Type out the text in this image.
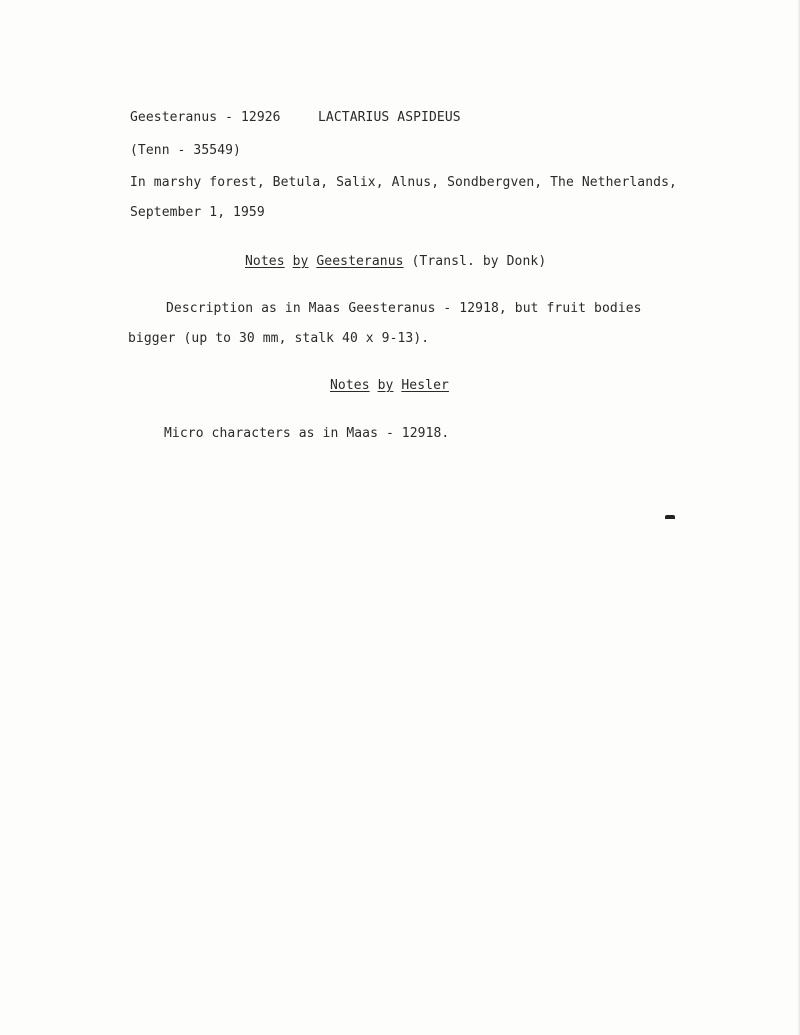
Geesteranus - 12926	LACTARIUS ASPIDEUS
(Tenn - 35549)
In marshy forest, Betula, Salix, Alnus, Sondbergven, The Netherlands,
September 1, 1959
Notes by Geesteranus (Transl. by Donk)
Description as in Maas Geesteranus - 12918, but fruit bodies
bigger (up to 30 mm, stalk 40 x 9-13).
Notes by Hesler
Micro characters as in Maas - 12918.
